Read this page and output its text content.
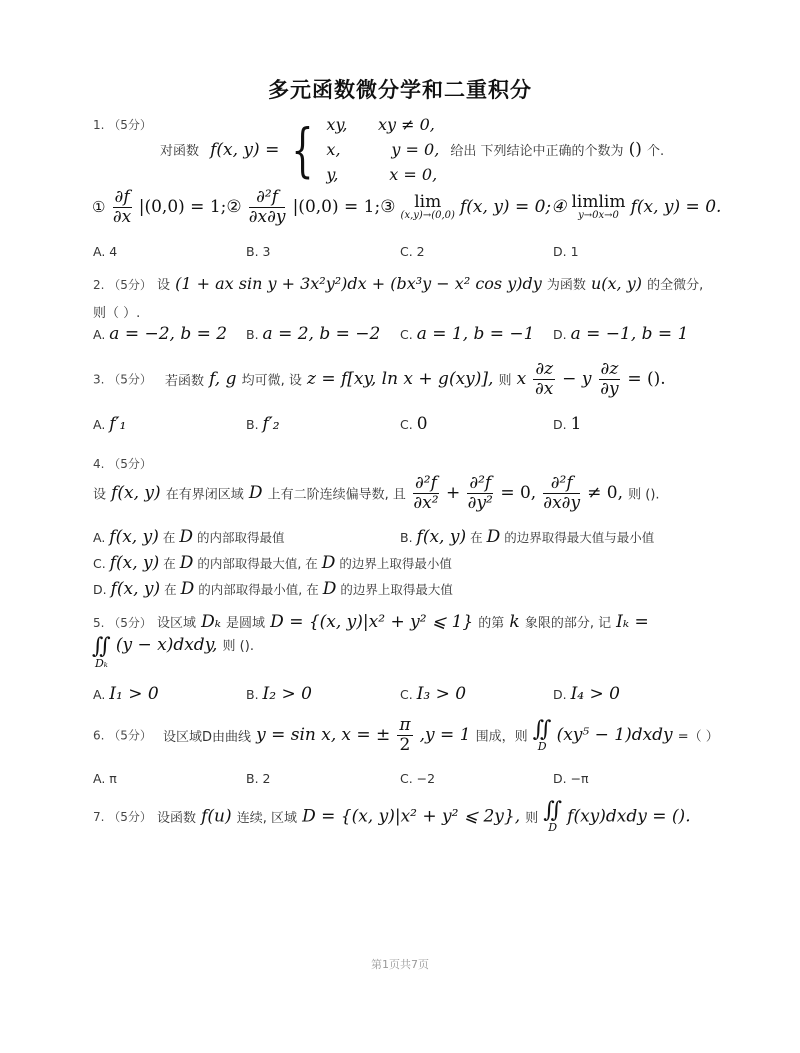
多元函数微分学和二重积分
1. （5分）
对函数 f(x, y) = { xy,      xy ≠ 0,
x,          y = 0,
y,          x = 0,
给出 下列结论中正确的个数为 () 个.
① $\frac{\partial f}{\partial x} |(0,0)$ = 1;② $\frac{\text{∂²f}}{\partial x\partial y} |(0,0)$ = 1;③	lim
(x,y)→(0,0) f(x, y) = 0;④ limlim
y→0x→0 f(x, y) = 0.
A. 4	B. 3	C. 2	D. 1
2. （5分） 设 (1 + ax sin y + 3x²y²)dx + (bx³y − x² cos y)dy 为函数 u(x, y) 的全微分,
则（ ）.
A. a = −2, b = 2 B. a = 2, b = −2 C. a = 1, b = −1 D. a = −1, b = 1
3. （5分） 若函数 f, g 均可微, 设 z = f[xy, ln x + g(xy)], 则 x $\frac{\partial z}{\partial x} - y \frac{\partial z}{\partial y}$ = ().
A. f′₁	B. f′₂	C. 0	D. 1
4. （5分）
设 f(x, y) 在有界闭区域 D 上有二阶连续偏导数, 且 $\frac{\text{∂²f}}{\text{∂x²}} + \frac{\text{∂²f}}{\text{∂y²}} = 0$, $\frac{\text{∂²f}}{\partial x\partial y} \ne 0$, 则 ().
A. f(x, y) 在 D 的内部取得最值	B. f(x, y) 在 D 的边界取得最大值与最小值
C. f(x, y) 在 D 的内部取得最大值, 在 D 的边界上取得最小值
D. f(x, y) 在 D 的内部取得最小值, 在 D 的边界上取得最大值
5. （5分） 设区域 Dₖ 是圆域 D = {(x, y)|x² + y² ⩽ 1} 的第 k 象限的部分, 记 Iₖ =
∬
Dₖ
(y − x)dxdy, $^{则 ().}$
A. I₁ > 0	B. I₂ > 0	C. I₃ > 0	D. I₄ > 0
6. （5分） 设区域D由曲线 y = sin x, x = ± $\frac{\pi}{2} ,y = 1$ 围成，则 ∬
D
(xy⁵ − 1)dxdy =（ ）
A. π	B. 2	C. −2	D. −π
7. （5分） 设函数 f(u) 连续, 区域 D = {(x, y)|x² + y² ⩽ 2y}, 则 ∬
D
f(xy)dxdy = ().
第1页共7页
